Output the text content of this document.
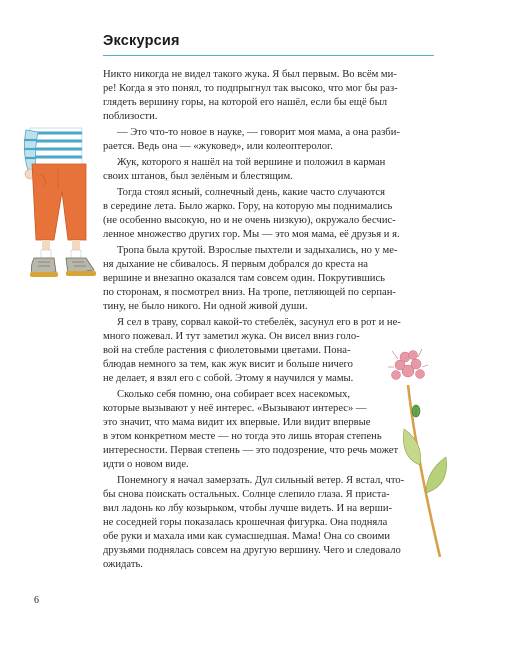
Экскурсия
Никто никогда не видел такого жука. Я был первым. Во всём ми-
ре! Когда я это понял, то подпрыгнул так высоко, что мог бы раз-
глядеть вершину горы, на которой его нашёл, если бы ещё был
поблизости.
— Это что-то новое в науке, — говорит моя мама, а она разби-
рается. Ведь она — «жуковед», или колеоптеролог.
Жук, которого я нашёл на той вершине и положил в карман
своих штанов, был зелёным и блестящим.
Тогда стоял ясный, солнечный день, какие часто случаются
в середине лета. Было жарко. Гору, на которую мы поднимались
(не особенно высокую, но и не очень низкую), окружало бесчис-
ленное множество других гор. Мы — это моя мама, её друзья и я.
Тропа была крутой. Взрослые пыхтели и задыхались, но у ме-
ня дыхание не сбивалось. Я первым добрался до креста на
вершине и внезапно оказался там совсем один. Покрутившись
по сторонам, я посмотрел вниз. На тропе, петляющей по серпан-
тину, не было никого. Ни одной живой души.
Я сел в траву, сорвал какой-то стебелёк, засунул его в рот и не-
много пожевал. И тут заметил жука. Он висел вниз голо-
вой на стебле растения с фиолетовыми цветами. Понa-
блюдав немного за тем, как жук висит и больше ничего
не делает, я взял его с собой. Этому я научился у мамы.
Сколько себя помню, она собирает всех насекомых,
которые вызывают у неё интерес. «Вызывают интерес» —
это значит, что мама видит их впервые. Или видит впервые
в этом конкретном месте — но тогда это лишь вторая степень
интересности. Первая степень — это подозрение, что речь может
идти о новом виде.
Понемногу я начал замерзать. Дул сильный ветер. Я встал, что-
бы снова поискать остальных. Солнце слепило глаза. Я приста-
вил ладонь ко лбу козырьком, чтобы лучше видеть. И на верши-
не соседней горы показалась крошечная фигурка. Она подняла
обе руки и махала ими как сумасшедшая. Мама! Она со своими
друзьями поднялась совсем на другую вершину. Чего и следовало
ожидать.
6
